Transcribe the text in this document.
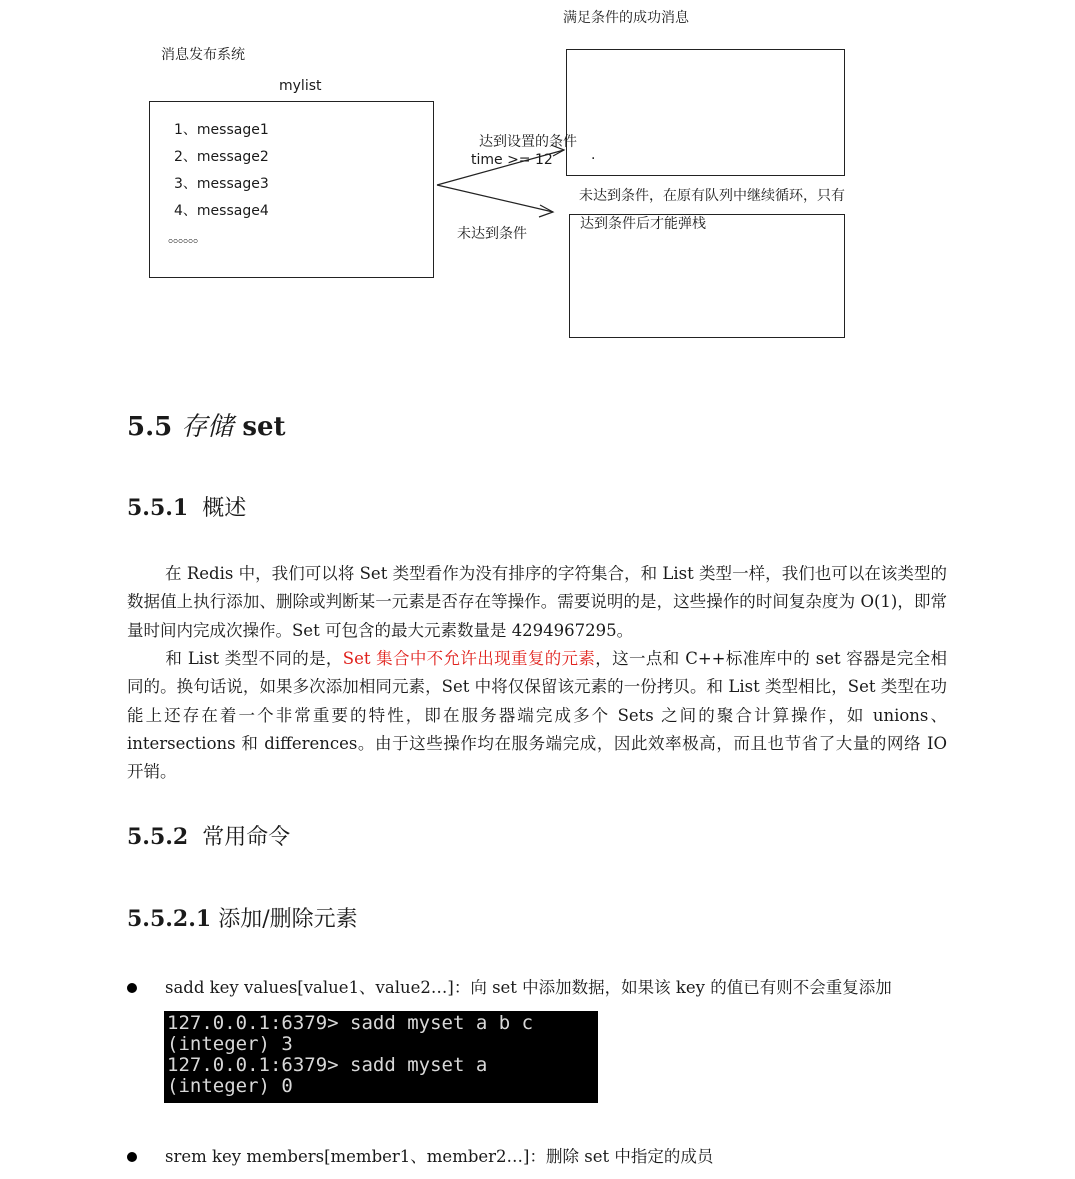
满足条件的成功消息
消息发布系统
mylist
1、message1
2、message2
3、message3
4、message4
。。。。。。
·
达到条件后才能弹栈
未达到条件，在原有队列中继续循环，只有
达到设置的条件
time >= 12
未达到条件
5.5 存储 set
5.5.1 概述

在 Redis 中，我们可以将 Set 类型看作为没有排序的字符集合，和 List 类型一样，我们也可以在该类型的数据值上执行添加、删除或判断某一元素是否存在等操作。需要说明的是，这些操作的时间复杂度为 O(1)，即常量时间内完成次操作。Set 可包含的最大元素数量是 4294967295。

和 List 类型不同的是，Set 集合中不允许出现重复的元素，这一点和 C++标准库中的 set 容器是完全相同的。换句话说，如果多次添加相同元素，Set 中将仅保留该元素的一份拷贝。和 List 类型相比，Set 类型在功能上还存在着一个非常重要的特性，即在服务器端完成多个 Sets 之间的聚合计算操作，如 unions、intersections 和 differences。由于这些操作均在服务端完成，因此效率极高，而且也节省了大量的网络 IO 开销。

5.5.2 常用命令
5.5.2.1 添加/删除元素
sadd key values[value1、value2…]：向 set 中添加数据，如果该 key 的值已有则不会重复添加
127.0.0.1:6379> sadd myset a b c
(integer) 3
127.0.0.1:6379> sadd myset a
(integer) 0
srem key members[member1、member2…]：删除 set 中指定的成员
